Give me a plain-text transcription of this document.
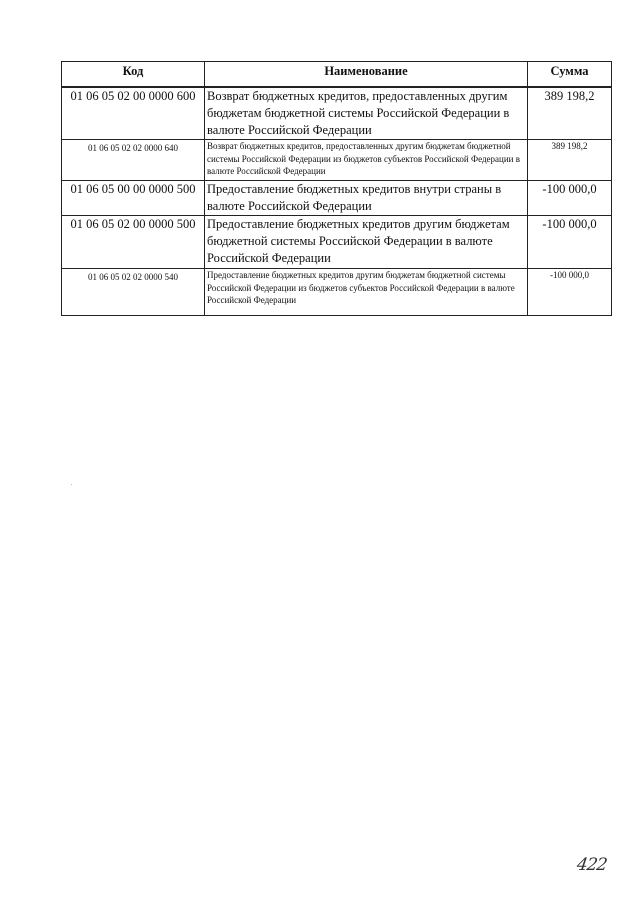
Код	Наименование	Сумма
01 06 05 02 00 0000 600	Возврат бюджетных кредитов, предоставленных другим бюджетам бюджетной системы Российской Федерации в валюте Российской Федерации	389 198,2
01 06 05 02 02 0000 640	Возврат бюджетных кредитов, предоставленных другим бюджетам бюджетной системы Российской Федерации из бюджетов субъектов Российской Федерации в валюте Российской Федерации	389 198,2
01 06 05 00 00 0000 500	Предоставление бюджетных кредитов внутри страны в валюте Российской Федерации	-100 000,0
01 06 05 02 00 0000 500	Предоставление бюджетных кредитов другим бюджетам бюджетной системы Российской Федерации в валюте Российской Федерации	-100 000,0
01 06 05 02 02 0000 540	Предоставление бюджетных кредитов другим бюджетам бюджетной системы Российской Федерации из бюджетов субъектов Российской Федерации в валюте Российской Федерации	-100 000,0
422
